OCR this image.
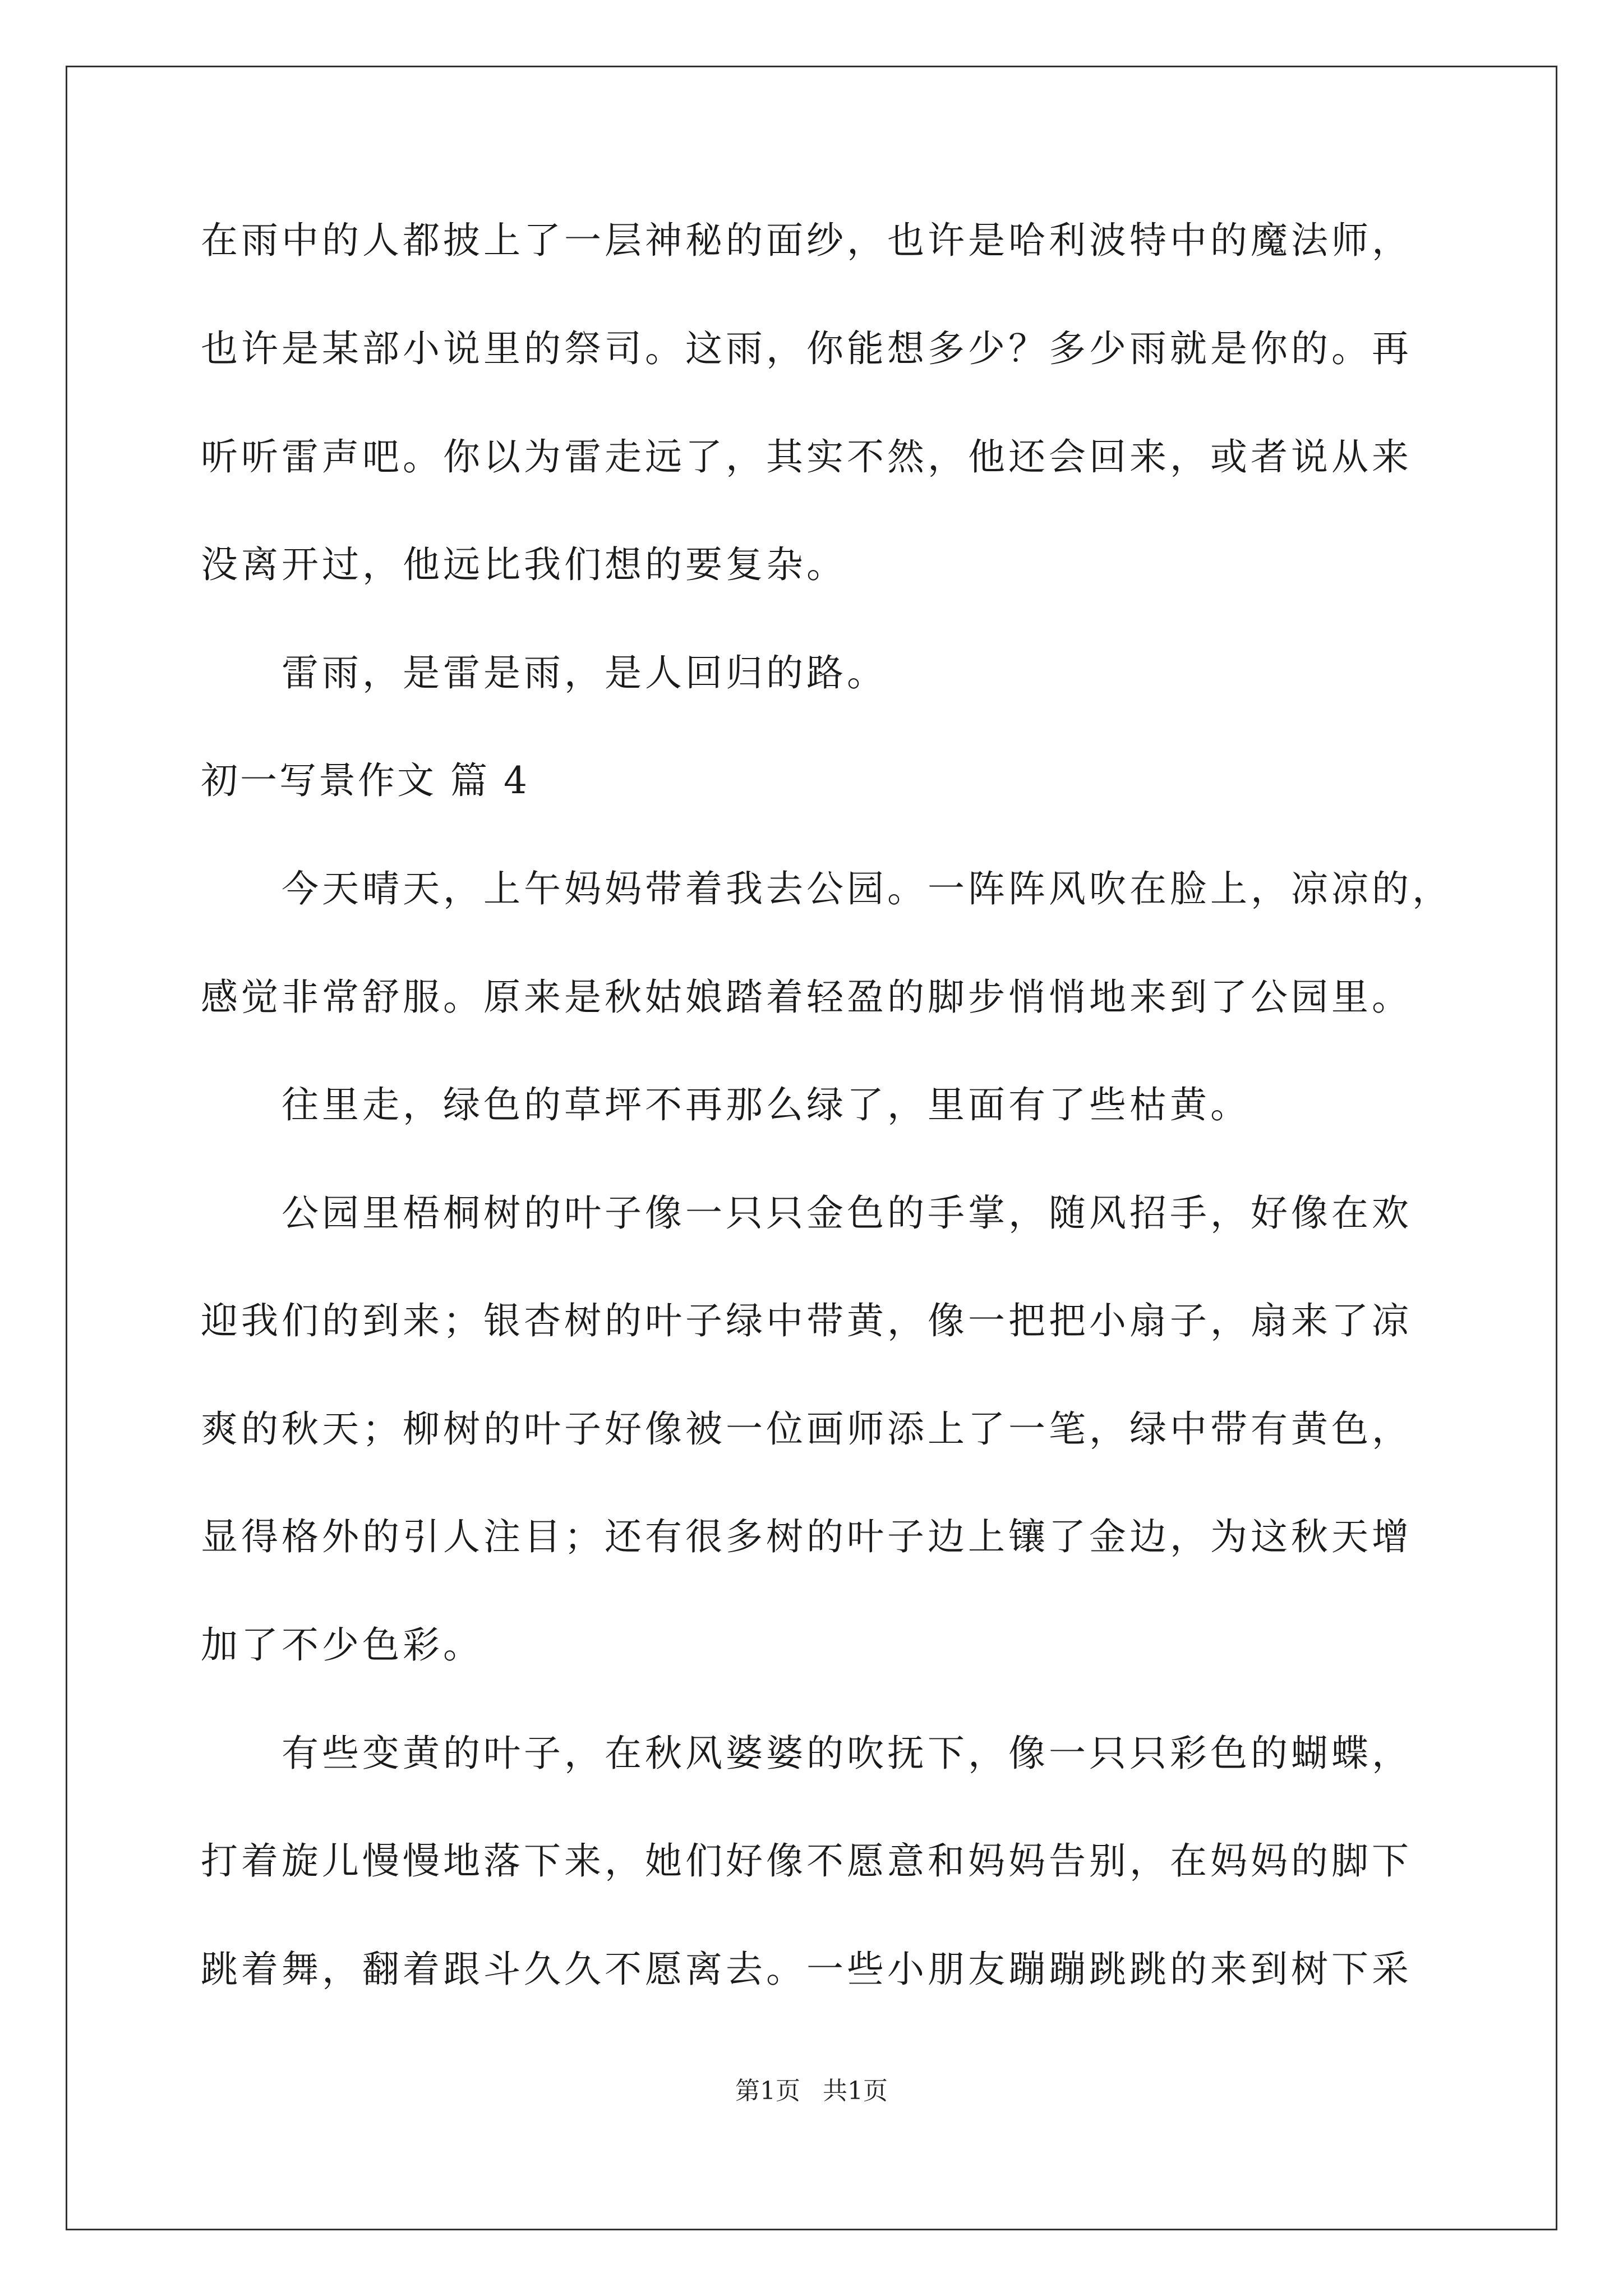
在雨中的人都披上了一层神秘的面纱，也许是哈利波特中的魔法师，
也许是某部小说里的祭司。这雨，你能想多少？多少雨就是你的。再
听听雷声吧。你以为雷走远了，其实不然，他还会回来，或者说从来
没离开过，他远比我们想的要复杂。
雷雨，是雷是雨，是人回归的路。
初一写景作文 篇 4
今天晴天，上午妈妈带着我去公园。一阵阵风吹在脸上，凉凉的，
感觉非常舒服。原来是秋姑娘踏着轻盈的脚步悄悄地来到了公园里。
往里走，绿色的草坪不再那么绿了，里面有了些枯黄。
公园里梧桐树的叶子像一只只金色的手掌，随风招手，好像在欢
迎我们的到来；银杏树的叶子绿中带黄，像一把把小扇子，扇来了凉
爽的秋天；柳树的叶子好像被一位画师添上了一笔，绿中带有黄色，
显得格外的引人注目；还有很多树的叶子边上镶了金边，为这秋天增
加了不少色彩。
有些变黄的叶子，在秋风婆婆的吹抚下，像一只只彩色的蝴蝶，
打着旋儿慢慢地落下来，她们好像不愿意和妈妈告别，在妈妈的脚下
跳着舞，翻着跟斗久久不愿离去。一些小朋友蹦蹦跳跳的来到树下采
第1页 共1页
